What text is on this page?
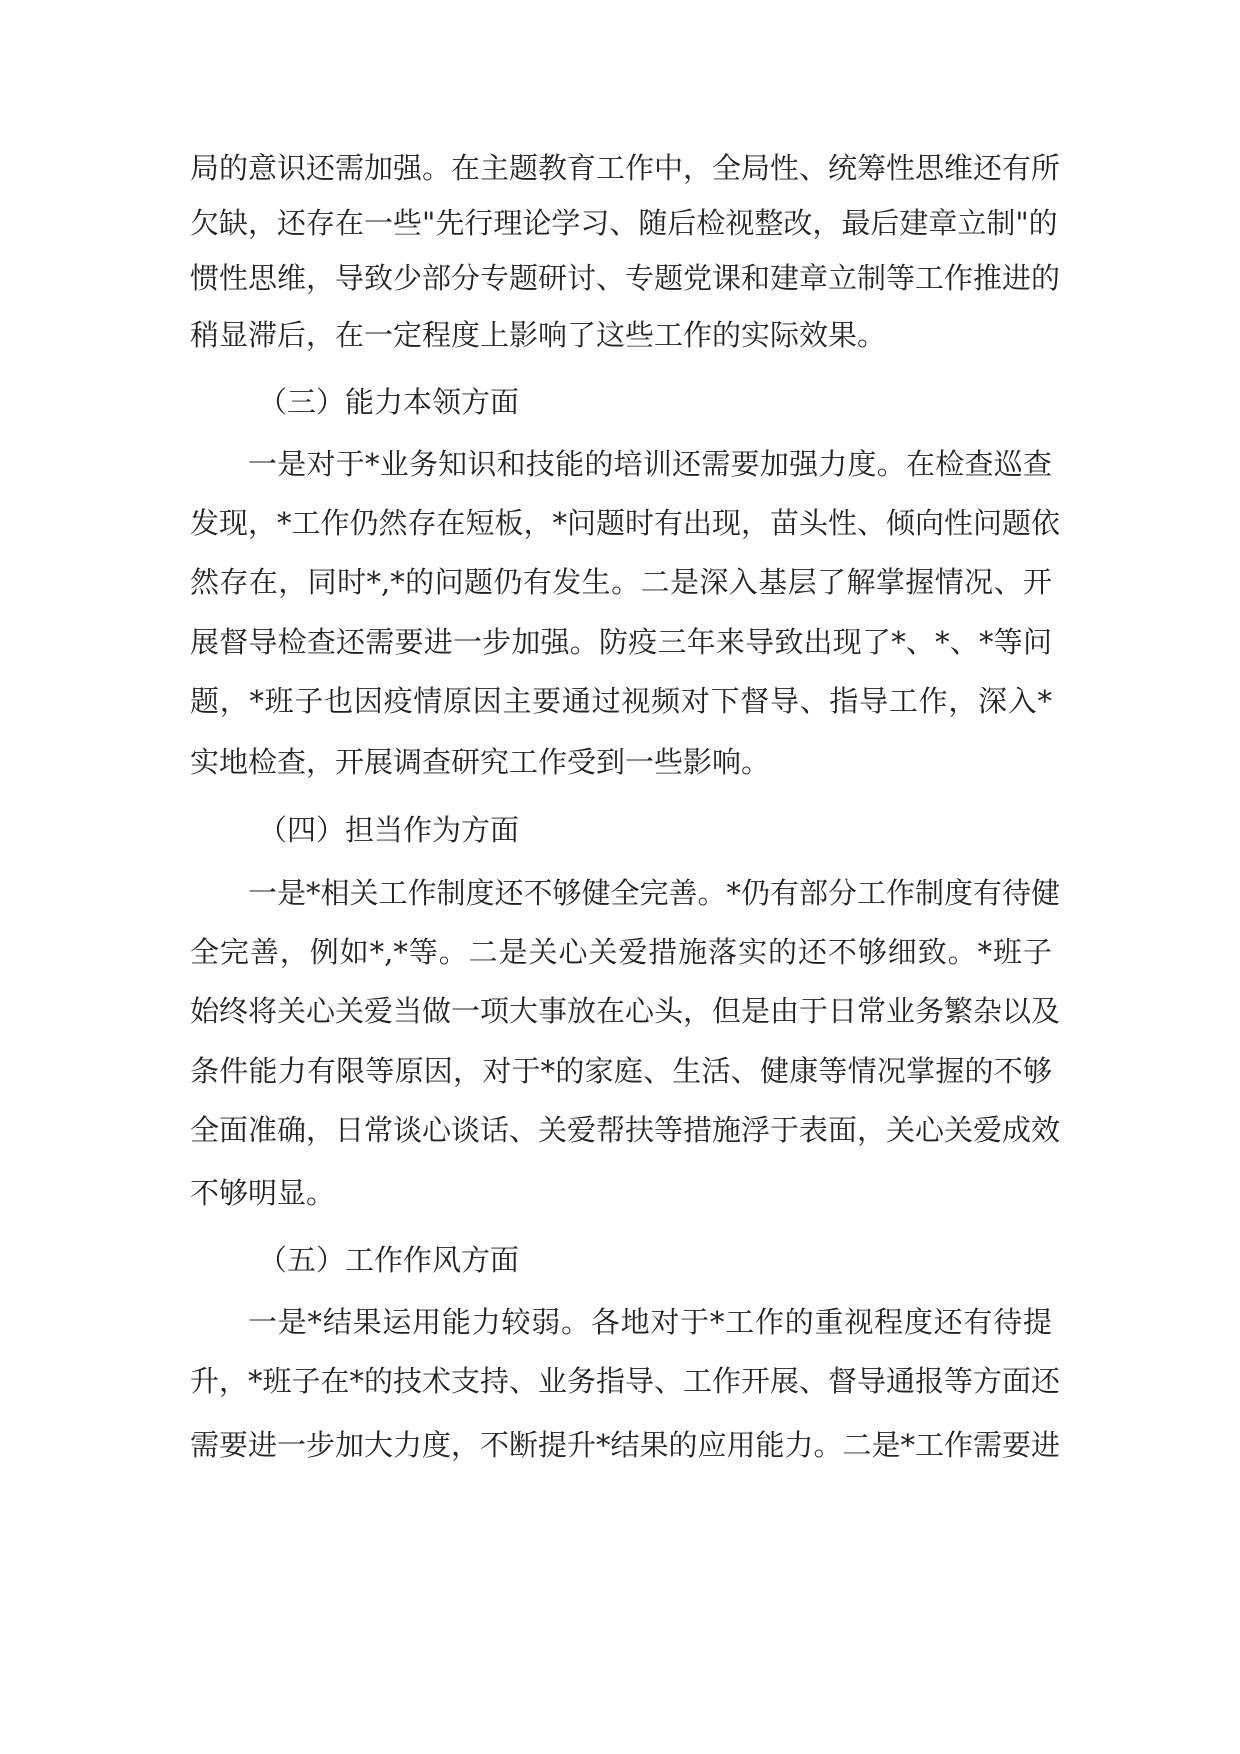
局的意识还需加强。在主题教育工作中，全局性、统筹性思维还有所
欠缺，还存在一些"先行理论学习、随后检视整改，最后建章立制"的
惯性思维，导致少部分专题研讨、专题党课和建章立制等工作推进的
稍显滞后，在一定程度上影响了这些工作的实际效果。
（三）能力本领方面
一是对于*业务知识和技能的培训还需要加强力度。在检查巡查
发现，*工作仍然存在短板，*问题时有出现，苗头性、倾向性问题依
然存在，同时*,*的问题仍有发生。二是深入基层了解掌握情况、开
展督导检查还需要进一步加强。防疫三年来导致出现了*、*、*等问
题，*班子也因疫情原因主要通过视频对下督导、指导工作，深入*
实地检查，开展调查研究工作受到一些影响。
（四）担当作为方面
一是*相关工作制度还不够健全完善。*仍有部分工作制度有待健
全完善，例如*,*等。二是关心关爱措施落实的还不够细致。*班子
始终将关心关爱当做一项大事放在心头，但是由于日常业务繁杂以及
条件能力有限等原因，对于*的家庭、生活、健康等情况掌握的不够
全面准确，日常谈心谈话、关爱帮扶等措施浮于表面，关心关爱成效
不够明显。
（五）工作作风方面
一是*结果运用能力较弱。各地对于*工作的重视程度还有待提
升，*班子在*的技术支持、业务指导、工作开展、督导通报等方面还
需要进一步加大力度，不断提升*结果的应用能力。二是*工作需要进
